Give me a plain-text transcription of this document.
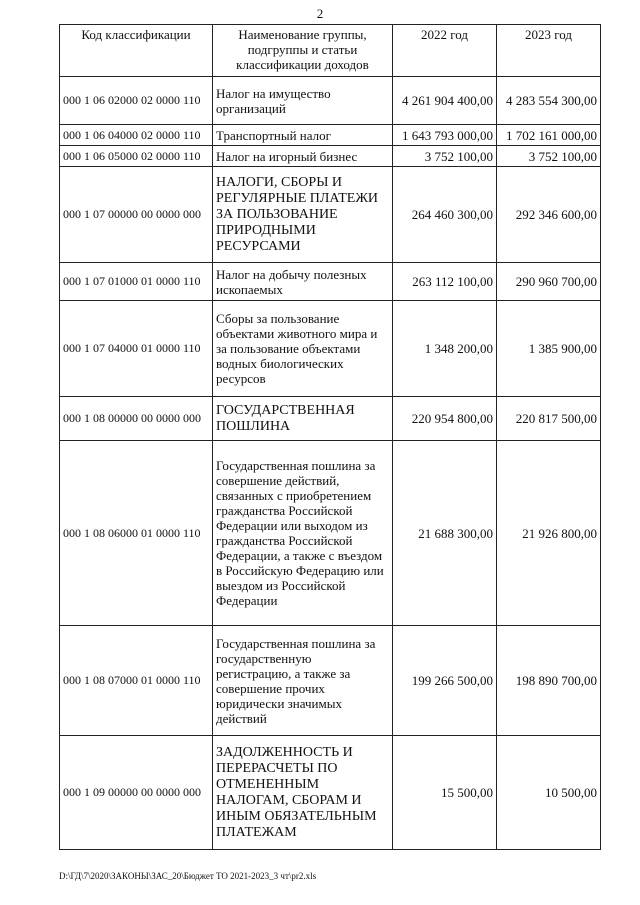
2
Код классификации	Наименование группы, подгруппы и статьи классификации доходов	2022 год	2023 год
000 1 06 02000 02 0000 110	Налог на имущество организаций	4 261 904 400,00	4 283 554 300,00
000 1 06 04000 02 0000 110	Транспортный налог	1 643 793 000,00	1 702 161 000,00
000 1 06 05000 02 0000 110	Налог на игорный бизнес	3 752 100,00	3 752 100,00
000 1 07 00000 00 0000 000	НАЛОГИ, СБОРЫ И РЕГУЛЯРНЫЕ ПЛАТЕЖИ ЗА ПОЛЬЗОВАНИЕ ПРИРОДНЫМИ РЕСУРСАМИ	264 460 300,00	292 346 600,00
000 1 07 01000 01 0000 110	Налог на добычу полезных ископаемых	263 112 100,00	290 960 700,00
000 1 07 04000 01 0000 110	Сборы за пользование объектами животного мира и за пользование объектами водных биологических ресурсов	1 348 200,00	1 385 900,00
000 1 08 00000 00 0000 000	ГОСУДАРСТВЕННАЯ ПОШЛИНА	220 954 800,00	220 817 500,00
000 1 08 06000 01 0000 110	Государственная пошлина за совершение действий, связанных с приобретением гражданства Российской Федерации или выходом из гражданства Российской Федерации, а также с въездом в Российскую Федерацию или выездом из Российской Федерации	21 688 300,00	21 926 800,00
000 1 08 07000 01 0000 110	Государственная пошлина за государственную регистрацию, а также за совершение прочих юридически значимых действий	199 266 500,00	198 890 700,00
000 1 09 00000 00 0000 000	ЗАДОЛЖЕННОСТЬ И ПЕРЕРАСЧЕТЫ ПО ОТМЕНЕННЫМ НАЛОГАМ, СБОРАМ И ИНЫМ ОБЯЗАТЕЛЬНЫМ ПЛАТЕЖАМ	15 500,00	10 500,00
D:\ГД\7\2020\ЗАКОНЫ\ЗАС_20\Бюджет ТО 2021-2023_3 чт\pr2.xls
